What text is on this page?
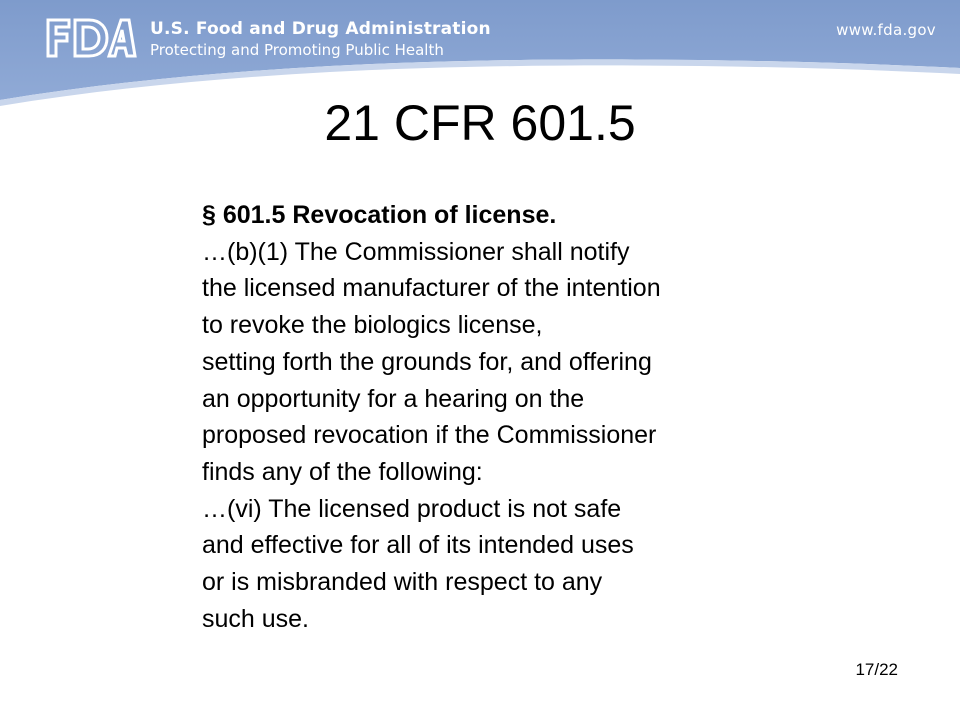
U.S. Food and Drug Administration
Protecting and Promoting Public Health
www.fda.gov
21 CFR 601.5
§ 601.5 Revocation of license.
…(b)(1) The Commissioner shall notify
the licensed manufacturer of the intention
to revoke the biologics license,
setting forth the grounds for, and offering
an opportunity for a hearing on the
proposed revocation if the Commissioner
finds any of the following:
…(vi) The licensed product is not safe
and effective for all of its intended uses
or is misbranded with respect to any
such use.
17/22
